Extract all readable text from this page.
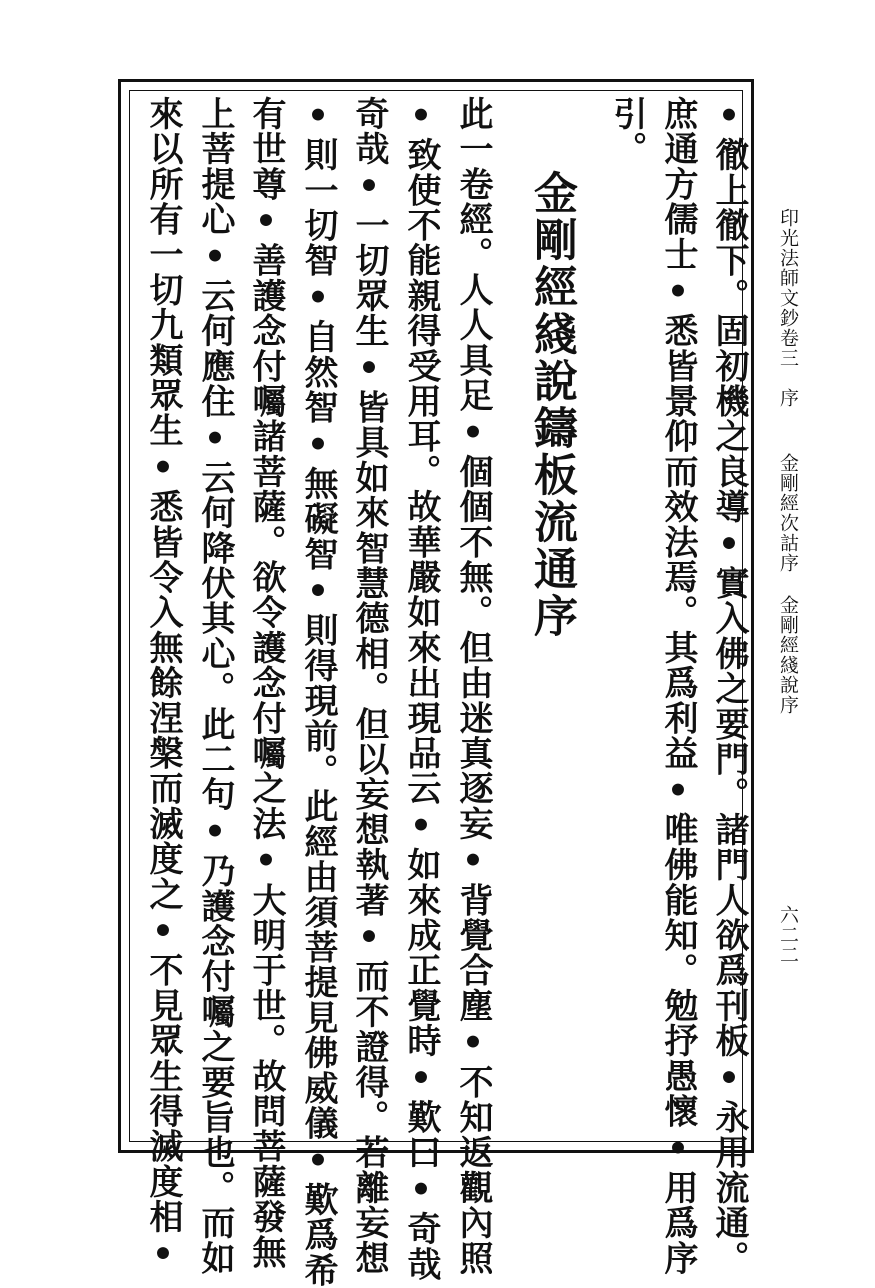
印光法師文鈔卷三
序
金剛經次詁序
金剛經綫說序
六二二
•徹上徹下。固初機之良導•實入佛之要門。諸門人欲爲刊板•永用流通。
庶通方儒士•悉皆景仰而效法焉。其爲利益•唯佛能知。勉抒愚懷•用爲序
引。
金剛經綫說鑄板流通序
此一卷經。人人具足•個個不無。但由迷真逐妄•背覺合塵•不知返觀內照
•致使不能親得受用耳。故華嚴如來出現品云•如來成正覺時•歎曰•奇哉
奇哉•一切眾生•皆具如來智慧德相。但以妄想執著•而不證得。若離妄想
•則一切智•自然智•無礙智•則得現前。此經由須菩提見佛威儀•歎爲希
有世尊•善護念付囑諸菩薩。欲令護念付囑之法•大明于世。故問菩薩發無
上菩提心•云何應住•云何降伏其心。此二句•乃護念付囑之要旨也。而如
來以所有一切九類眾生•悉皆令入無餘涅槃而滅度之•不見眾生得滅度相•
